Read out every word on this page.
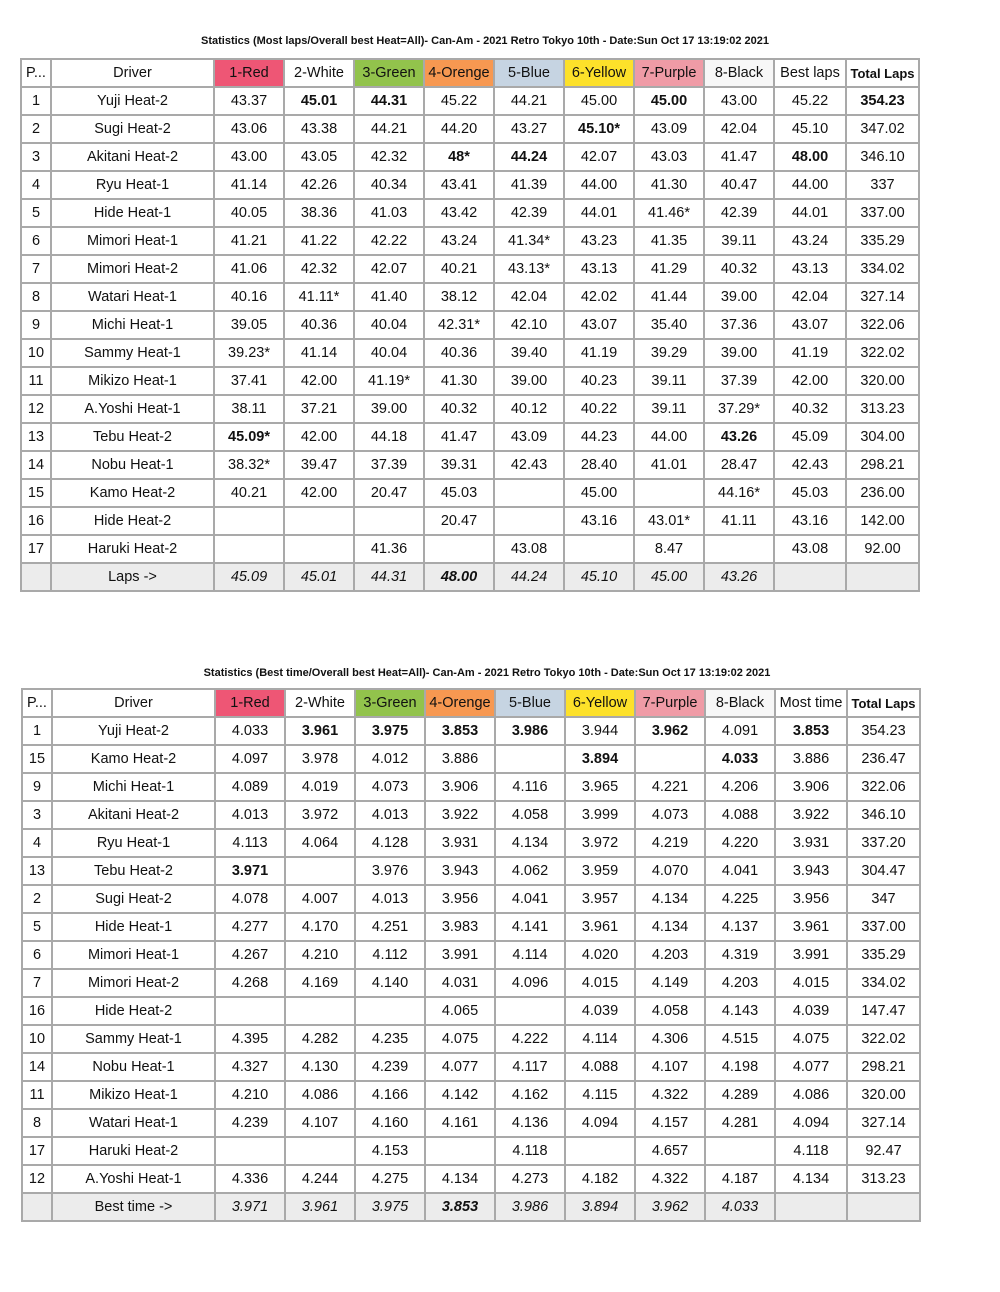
Statistics (Most laps/Overall best Heat=All)- Can-Am - 2021 Retro Tokyo 10th - Date:Sun Oct 17 13:19:02 2021
P...	Driver	1-Red	2-White	3-Green	4-Orenge	5-Blue	6-Yellow	7-Purple	8-Black	Best laps	Total Laps
1	Yuji Heat-2	43.37	45.01	44.31	45.22	44.21	45.00	45.00	43.00	45.22	354.23
2	Sugi Heat-2	43.06	43.38	44.21	44.20	43.27	45.10*	43.09	42.04	45.10	347.02
3	Akitani Heat-2	43.00	43.05	42.32	48*	44.24	42.07	43.03	41.47	48.00	346.10
4	Ryu Heat-1	41.14	42.26	40.34	43.41	41.39	44.00	41.30	40.47	44.00	337
5	Hide Heat-1	40.05	38.36	41.03	43.42	42.39	44.01	41.46*	42.39	44.01	337.00
6	Mimori Heat-1	41.21	41.22	42.22	43.24	41.34*	43.23	41.35	39.11	43.24	335.29
7	Mimori Heat-2	41.06	42.32	42.07	40.21	43.13*	43.13	41.29	40.32	43.13	334.02
8	Watari Heat-1	40.16	41.11*	41.40	38.12	42.04	42.02	41.44	39.00	42.04	327.14
9	Michi Heat-1	39.05	40.36	40.04	42.31*	42.10	43.07	35.40	37.36	43.07	322.06
10	Sammy Heat-1	39.23*	41.14	40.04	40.36	39.40	41.19	39.29	39.00	41.19	322.02
11	Mikizo Heat-1	37.41	42.00	41.19*	41.30	39.00	40.23	39.11	37.39	42.00	320.00
12	A.Yoshi Heat-1	38.11	37.21	39.00	40.32	40.12	40.22	39.11	37.29*	40.32	313.23
13	Tebu Heat-2	45.09*	42.00	44.18	41.47	43.09	44.23	44.00	43.26	45.09	304.00
14	Nobu Heat-1	38.32*	39.47	37.39	39.31	42.43	28.40	41.01	28.47	42.43	298.21
15	Kamo Heat-2	40.21	42.00	20.47	45.03		45.00		44.16*	45.03	236.00
16	Hide Heat-2				20.47		43.16	43.01*	41.11	43.16	142.00
17	Haruki Heat-2			41.36		43.08		8.47		43.08	92.00
	Laps ->	45.09	45.01	44.31	48.00	44.24	45.10	45.00	43.26		
Statistics (Best time/Overall best Heat=All)- Can-Am - 2021 Retro Tokyo 10th - Date:Sun Oct 17 13:19:02 2021
P...	Driver	1-Red	2-White	3-Green	4-Orenge	5-Blue	6-Yellow	7-Purple	8-Black	Most time	Total Laps
1	Yuji Heat-2	4.033	3.961	3.975	3.853	3.986	3.944	3.962	4.091	3.853	354.23
15	Kamo Heat-2	4.097	3.978	4.012	3.886		3.894		4.033	3.886	236.47
9	Michi Heat-1	4.089	4.019	4.073	3.906	4.116	3.965	4.221	4.206	3.906	322.06
3	Akitani Heat-2	4.013	3.972	4.013	3.922	4.058	3.999	4.073	4.088	3.922	346.10
4	Ryu Heat-1	4.113	4.064	4.128	3.931	4.134	3.972	4.219	4.220	3.931	337.20
13	Tebu Heat-2	3.971		3.976	3.943	4.062	3.959	4.070	4.041	3.943	304.47
2	Sugi Heat-2	4.078	4.007	4.013	3.956	4.041	3.957	4.134	4.225	3.956	347
5	Hide Heat-1	4.277	4.170	4.251	3.983	4.141	3.961	4.134	4.137	3.961	337.00
6	Mimori Heat-1	4.267	4.210	4.112	3.991	4.114	4.020	4.203	4.319	3.991	335.29
7	Mimori Heat-2	4.268	4.169	4.140	4.031	4.096	4.015	4.149	4.203	4.015	334.02
16	Hide Heat-2				4.065		4.039	4.058	4.143	4.039	147.47
10	Sammy Heat-1	4.395	4.282	4.235	4.075	4.222	4.114	4.306	4.515	4.075	322.02
14	Nobu Heat-1	4.327	4.130	4.239	4.077	4.117	4.088	4.107	4.198	4.077	298.21
11	Mikizo Heat-1	4.210	4.086	4.166	4.142	4.162	4.115	4.322	4.289	4.086	320.00
8	Watari Heat-1	4.239	4.107	4.160	4.161	4.136	4.094	4.157	4.281	4.094	327.14
17	Haruki Heat-2			4.153		4.118		4.657		4.118	92.47
12	A.Yoshi Heat-1	4.336	4.244	4.275	4.134	4.273	4.182	4.322	4.187	4.134	313.23
	Best time ->	3.971	3.961	3.975	3.853	3.986	3.894	3.962	4.033		
